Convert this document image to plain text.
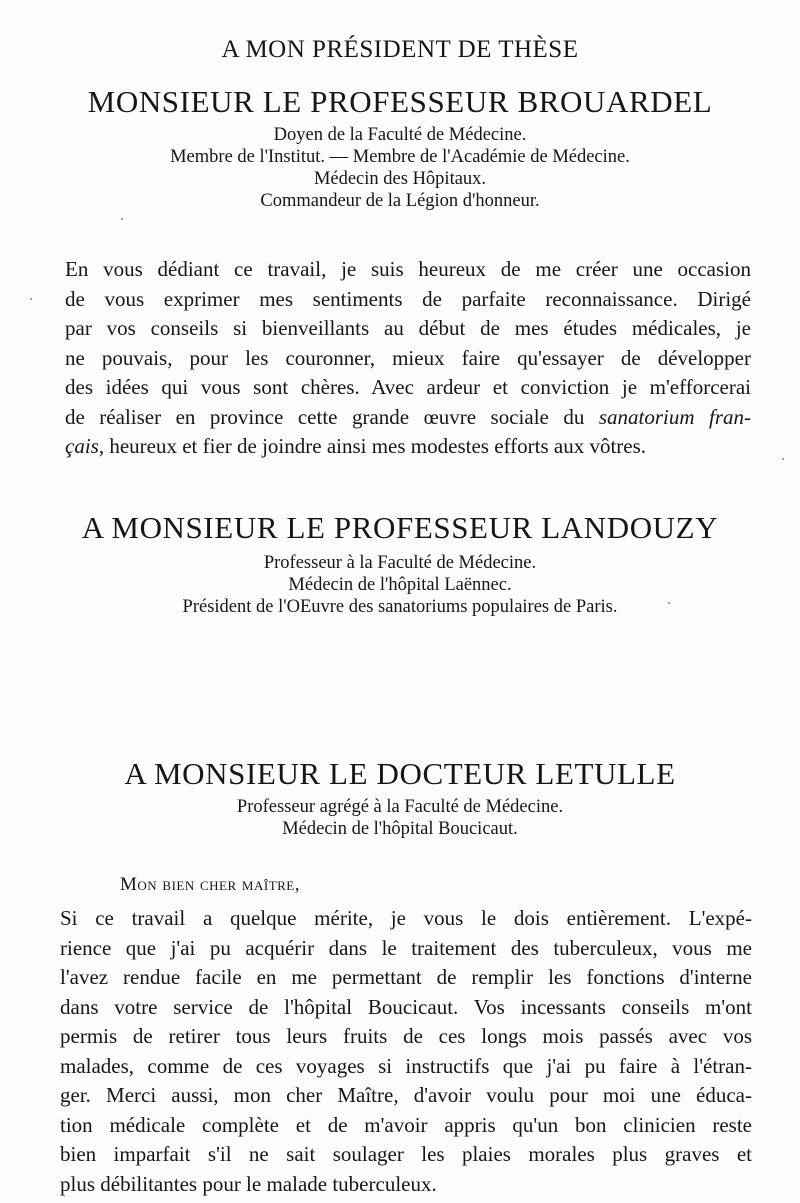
A MON PRÉSIDENT DE THÈSE
MONSIEUR LE PROFESSEUR BROUARDEL
Doyen de la Faculté de Médecine.
Membre de l'Institut. — Membre de l'Académie de Médecine.
Médecin des Hôpitaux.
Commandeur de la Légion d'honneur.
En vous dédiant ce travail, je suis heureux de me créer une occasion
de vous exprimer mes sentiments de parfaite reconnaissance. Dirigé
par vos conseils si bienveillants au début de mes études médicales, je
ne pouvais, pour les couronner, mieux faire qu'essayer de développer
des idées qui vous sont chères. Avec ardeur et conviction je m'efforcerai
de réaliser en province cette grande œuvre sociale du sanatorium fran-
çais, heureux et fier de joindre ainsi mes modestes efforts aux vôtres.
A MONSIEUR LE PROFESSEUR LANDOUZY
Professeur à la Faculté de Médecine.
Médecin de l'hôpital Laënnec.
Président de l'OEuvre des sanatoriums populaires de Paris.
A MONSIEUR LE DOCTEUR LETULLE
Professeur agrégé à la Faculté de Médecine.
Médecin de l'hôpital Boucicaut.
Mon bien cher maître,
Si ce travail a quelque mérite, je vous le dois entièrement. L'expé-
rience que j'ai pu acquérir dans le traitement des tuberculeux, vous me
l'avez rendue facile en me permettant de remplir les fonctions d'interne
dans votre service de l'hôpital Boucicaut. Vos incessants conseils m'ont
permis de retirer tous leurs fruits de ces longs mois passés avec vos
malades, comme de ces voyages si instructifs que j'ai pu faire à l'étran-
ger. Merci aussi, mon cher Maître, d'avoir voulu pour moi une éduca-
tion médicale complète et de m'avoir appris qu'un bon clinicien reste
bien imparfait s'il ne sait soulager les plaies morales plus graves et
plus débilitantes pour le malade tuberculeux.
